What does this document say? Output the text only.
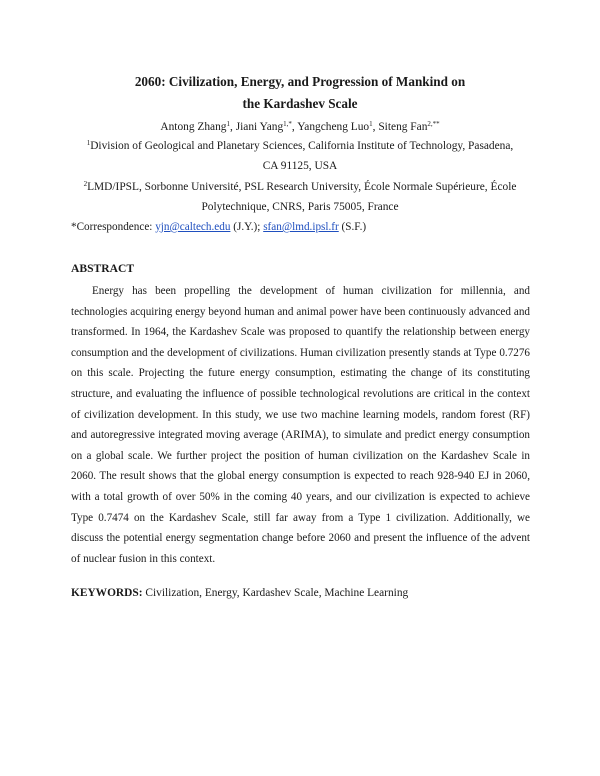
2060: Civilization, Energy, and Progression of Mankind on
the Kardashev Scale
Antong Zhang$^1$, Jiani Yang$^{1,*}$, Yangcheng Luo$^1$, Siteng Fan$^{2,**}$
$^1$Division of Geological and Planetary Sciences, California Institute of Technology, Pasadena,
CA 91125, USA
$^2$LMD/IPSL, Sorbonne Université, PSL Research University, École Normale Supérieure, École
Polytechnique, CNRS, Paris 75005, France
*Correspondence: yjn@caltech.edu (J.Y.); sfan@lmd.ipsl.fr (S.F.)
ABSTRACT
Energy has been propelling the development of human civilization for millennia, and technologies acquiring energy beyond human and animal power have been continuously advanced and transformed. In 1964, the Kardashev Scale was proposed to quantify the relationship between energy consumption and the development of civilizations. Human civilization presently stands at Type 0.7276 on this scale. Projecting the future energy consumption, estimating the change of its constituting structure, and evaluating the influence of possible technological revolutions are critical in the context of civilization development. In this study, we use two machine learning models, random forest (RF) and autoregressive integrated moving average (ARIMA), to simulate and predict energy consumption on a global scale. We further project the position of human civilization on the Kardashev Scale in 2060. The result shows that the global energy consumption is expected to reach 928-940 EJ in 2060, with a total growth of over 50% in the coming 40 years, and our civilization is expected to achieve Type 0.7474 on the Kardashev Scale, still far away from a Type 1 civilization. Additionally, we discuss the potential energy segmentation change before 2060 and present the influence of the advent of nuclear fusion in this context.
KEYWORDS: Civilization, Energy, Kardashev Scale, Machine Learning
